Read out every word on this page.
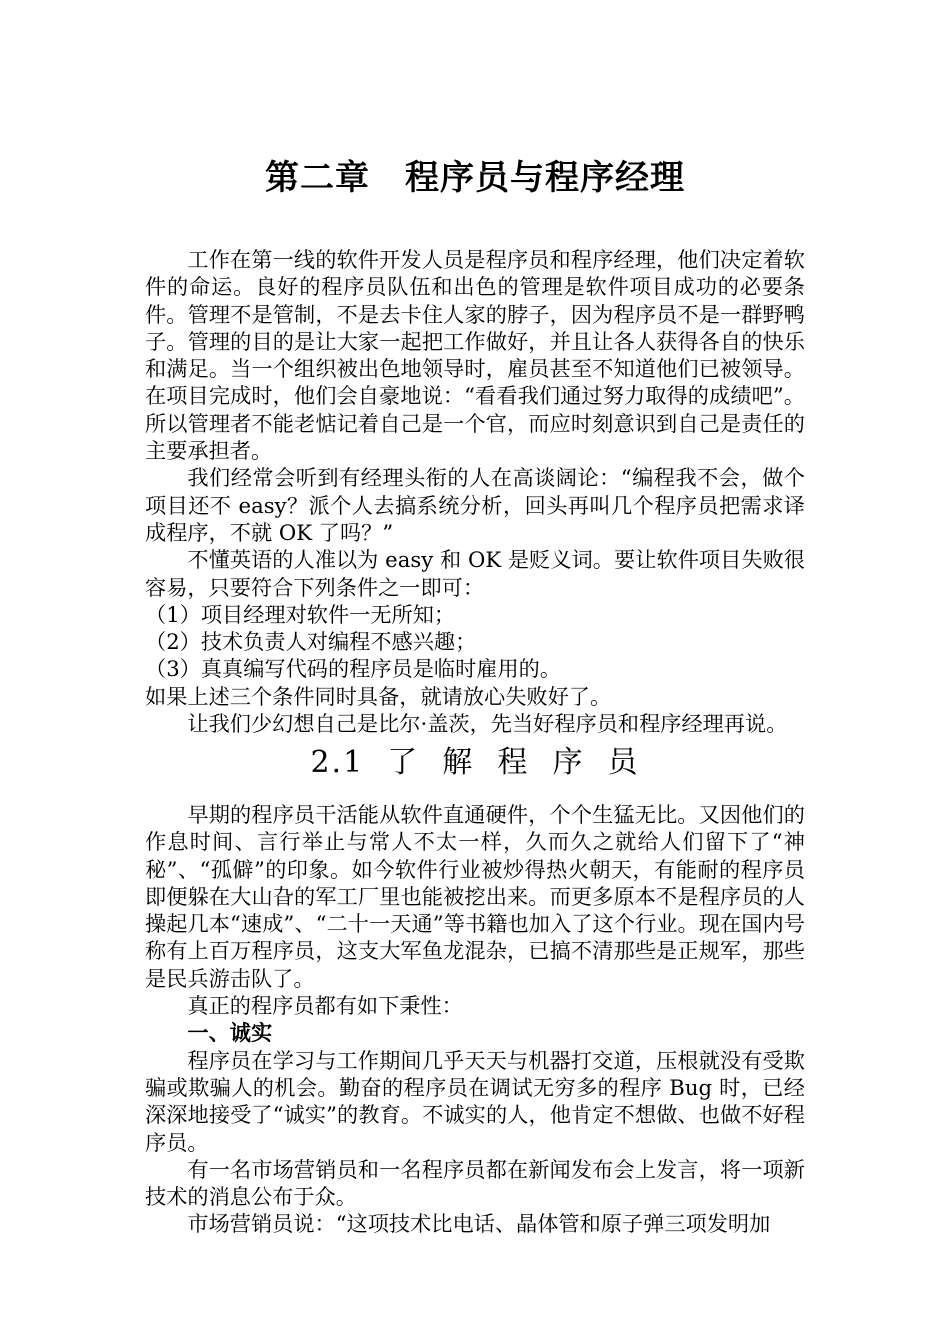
第二章　程序员与程序经理

工作在第一线的软件开发人员是程序员和程序经理，他们决定着软件的命运。良好的程序员队伍和出色的管理是软件项目成功的必要条件。管理不是管制，不是去卡住人家的脖子，因为程序员不是一群野鸭子。管理的目的是让大家一起把工作做好，并且让各人获得各自的快乐和满足。当一个组织被出色地领导时，雇员甚至不知道他们已被领导。在项目完成时，他们会自豪地说：“看看我们通过努力取得的成绩吧”。所以管理者不能老惦记着自己是一个官，而应时刻意识到自己是责任的主要承担者。

我们经常会听到有经理头衔的人在高谈阔论：“编程我不会，做个项目还不 easy？派个人去搞系统分析，回头再叫几个程序员把需求译成程序，不就 OK 了吗？”

不懂英语的人准以为 easy 和 OK 是贬义词。要让软件项目失败很容易，只要符合下列条件之一即可：

（1）项目经理对软件一无所知；

（2）技术负责人对编程不感兴趣；

（3）真真编写代码的程序员是临时雇用的。

如果上述三个条件同时具备，就请放心失败好了。

让我们少幻想自己是比尔·盖茨，先当好程序员和程序经理再说。

2.1  了  解  程  序  员

早期的程序员干活能从软件直通硬件，个个生猛无比。又因他们的作息时间、言行举止与常人不太一样，久而久之就给人们留下了“神秘”、“孤僻”的印象。如今软件行业被炒得热火朝天，有能耐的程序员即便躲在大山旮的军工厂里也能被挖出来。而更多原本不是程序员的人操起几本“速成”、“二十一天通”等书籍也加入了这个行业。现在国内号称有上百万程序员，这支大军鱼龙混杂，已搞不清那些是正规军，那些是民兵游击队了。

真正的程序员都有如下秉性：

一、诚实

程序员在学习与工作期间几乎天天与机器打交道，压根就没有受欺骗或欺骗人的机会。勤奋的程序员在调试无穷多的程序 Bug 时，已经深深地接受了“诚实”的教育。不诚实的人，他肯定不想做、也做不好程序员。

有一名市场营销员和一名程序员都在新闻发布会上发言，将一项新技术的消息公布于众。

市场营销员说：“这项技术比电话、晶体管和原子弹三项发明加
